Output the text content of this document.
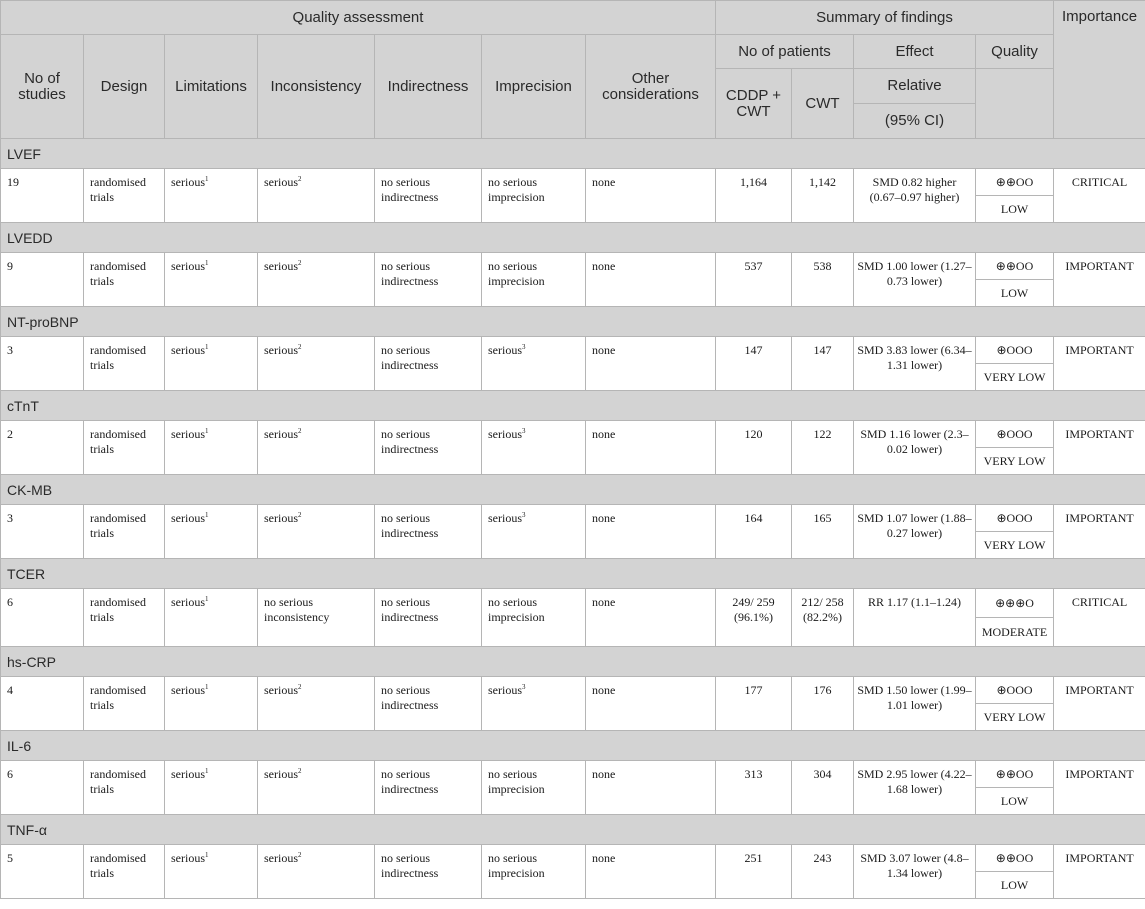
Quality assessment							Summary of findings				Importance
No of studies	Design	Limitations	Inconsistency	Indirectness	Imprecision	Other considerations	No of patients		Effect	Quality	
							CDDP + CWT	CWT	Relative		
									(95% CI)		
LVEF											
19	randomised trials	serious$^1$	serious$^2$	no serious indirectness	no serious imprecision	none	1,164	1,142	SMD 0.82 higher (0.67–0.97 higher)	⊕⊕OO	CRITICAL
										LOW	
LVEDD											
9	randomised trials	serious$^1$	serious$^2$	no serious indirectness	no serious imprecision	none	537	538	SMD 1.00 lower (1.27–0.73 lower)	⊕⊕OO	IMPORTANT
										LOW	
NT-proBNP											
3	randomised trials	serious$^1$	serious$^2$	no serious indirectness	serious$^3$	none	147	147	SMD 3.83 lower (6.34–1.31 lower)	⊕OOO	IMPORTANT
										VERY LOW	
cTnT											
2	randomised trials	serious$^1$	serious$^2$	no serious indirectness	serious$^3$	none	120	122	SMD 1.16 lower (2.3–0.02 lower)	⊕OOO	IMPORTANT
										VERY LOW	
CK-MB											
3	randomised trials	serious$^1$	serious$^2$	no serious indirectness	serious$^3$	none	164	165	SMD 1.07 lower (1.88–0.27 lower)	⊕OOO	IMPORTANT
										VERY LOW	
TCER											
6	randomised trials	serious$^1$	no serious inconsistency	no serious indirectness	no serious imprecision	none	249/ 259 (96.1%)	212/ 258 (82.2%)	RR 1.17 (1.1–1.24)	⊕⊕⊕O	CRITICAL
										MODERATE	
hs-CRP											
4	randomised trials	serious$^1$	serious$^2$	no serious indirectness	serious$^3$	none	177	176	SMD 1.50 lower (1.99–1.01 lower)	⊕OOO	IMPORTANT
										VERY LOW	
IL-6											
6	randomised trials	serious$^1$	serious$^2$	no serious indirectness	no serious imprecision	none	313	304	SMD 2.95 lower (4.22–1.68 lower)	⊕⊕OO	IMPORTANT
										LOW	
TNF-α											
5	randomised trials	serious$^1$	serious$^2$	no serious indirectness	no serious imprecision	none	251	243	SMD 3.07 lower (4.8–1.34 lower)	⊕⊕OO	IMPORTANT
										LOW	
